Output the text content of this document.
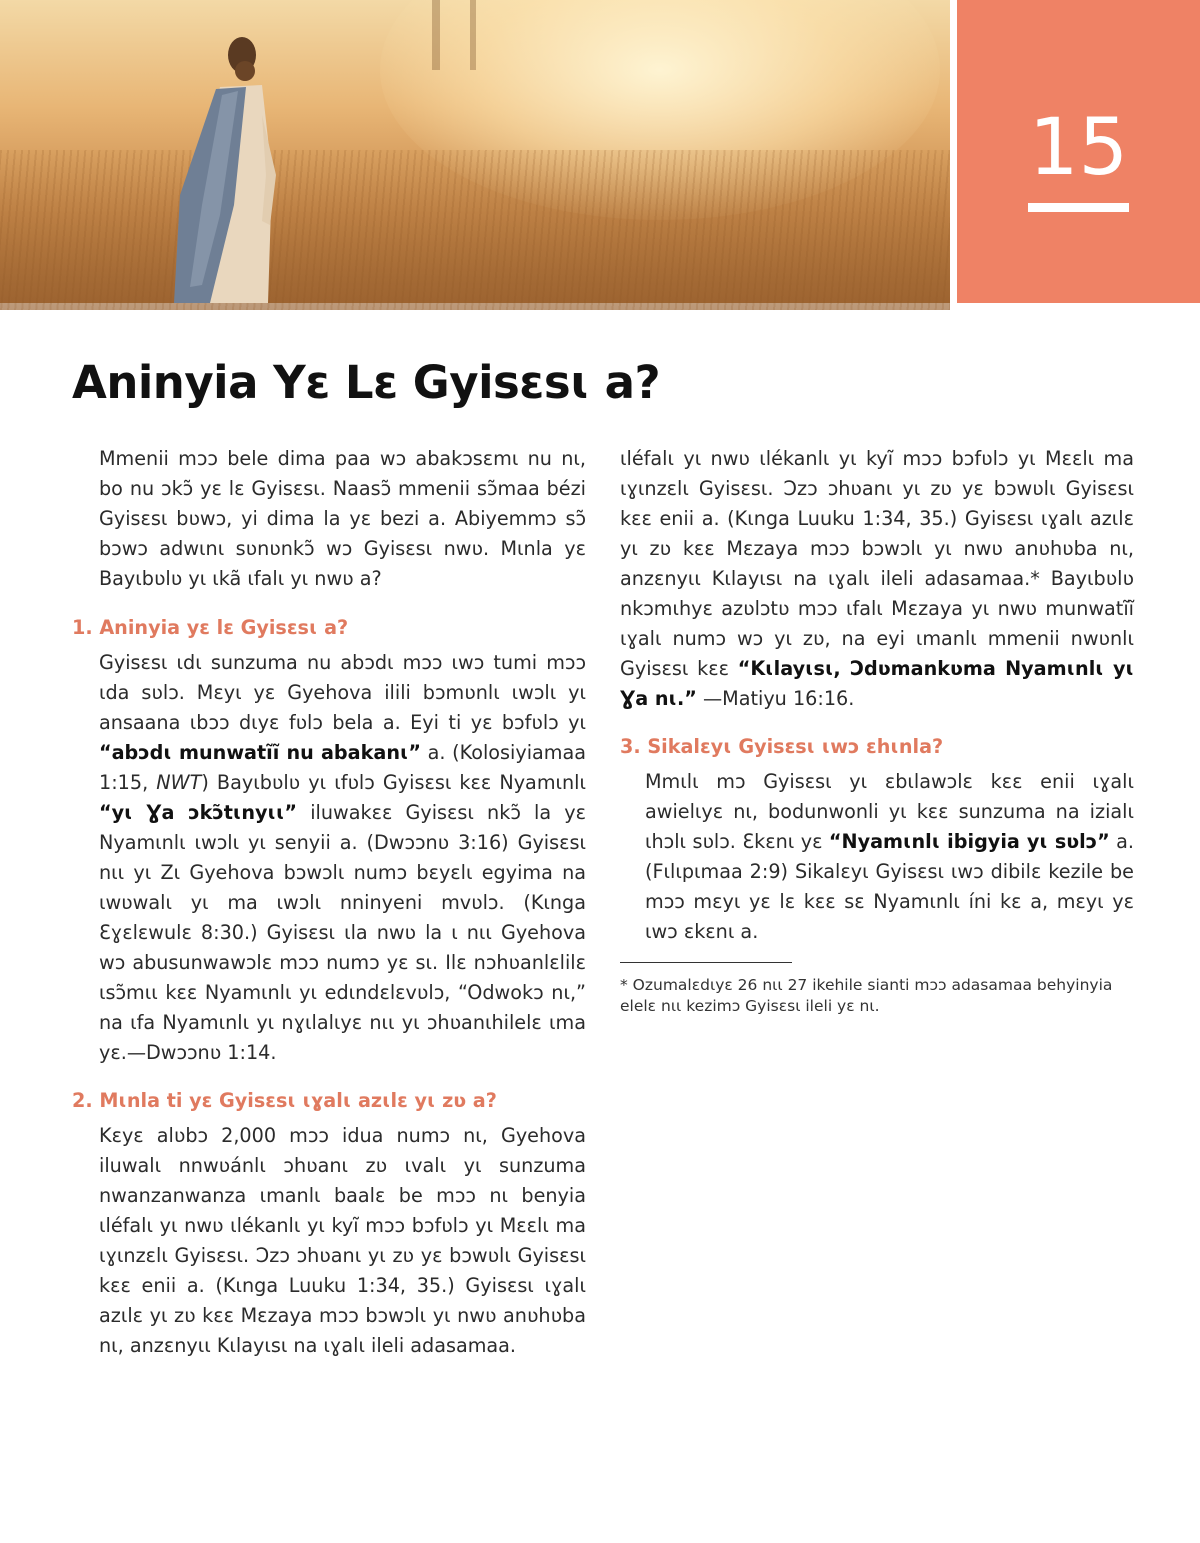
15
Aninyia Yɛ Lɛ Gyisɛsɩ a?

Mmenii mɔɔ bele dima paa wɔ abakɔsɛmɩ nu nɩ, bo nu ɔkɔ̃ yɛ lɛ Gyisɛsɩ. Naasɔ̃ mmenii sɔ̃maa bézi Gyisɛsɩ bʋwɔ, yi dima la yɛ bezi a. Abiyemmɔ sɔ̃ bɔwɔ adwɩnɩ sʋnʋnkɔ̃ wɔ Gyisɛsɩ nwʋ. Mɩnla yɛ Bayɩbʋlʋ yɩ ɩkã ɩfalɩ yɩ nwʋ a?

1. Aninyia yɛ lɛ Gyisɛsɩ a?

Gyisɛsɩ ɩdɩ sunzuma nu abɔdɩ mɔɔ ɩwɔ tumi mɔɔ ɩda sʋlɔ. Mɛyɩ yɛ Gyehova ilili bɔmʋnlɩ ɩwɔlɩ yɩ ansaana ɩbɔɔ dɩyɛ fʋlɔ bela a. Eyi ti yɛ bɔfʋlɔ yɩ “abɔdɩ munwatĩĩ nu abakanɩ” a. (Kolosiyiamaa 1:15, NWT) Bayɩbʋlʋ yɩ ɩfʋlɔ Gyisɛsɩ kɛɛ Nyamɩnlɩ “yɩ Ɣa ɔkɔ̃tɩnyɩɩ” iluwakɛɛ Gyisɛsɩ nkɔ̃ la yɛ Nyamɩnlɩ ɩwɔlɩ yɩ senyii a. (Dwɔɔnʋ 3:16) Gyisɛsɩ nɩɩ yɩ Zɩ Gyehova bɔwɔlɩ numɔ bɛyɛlɩ egyima na ɩwʋwalɩ yɩ ma ɩwɔlɩ nninyeni mvʋlɔ. (Kɩnga Ɛɣɛlɛwulɛ 8:30.) Gyisɛsɩ ɩla nwʋ la ɩ nɩɩ Gyehova wɔ abusunwawɔlɛ mɔɔ numɔ yɛ sɩ. Ilɛ nɔhʋanlɛlilɛ ɩsɔ̃mɩɩ kɛɛ Nyamɩnlɩ yɩ edɩndɛlɛvʋlɔ, “Odwokɔ nɩ,” na ɩfa Nyamɩnlɩ yɩ nɣɩlalɩyɛ nɩɩ yɩ ɔhʋanɩhilelɛ ɩma yɛ.—Dwɔɔnʋ 1:14.

2. Mɩnla ti yɛ Gyisɛsɩ ɩɣalɩ azɩlɛ yɩ zʋ a?

Kɛyɛ alʋbɔ 2,000 mɔɔ idua numɔ nɩ, Gyehova iluwalɩ nnwʋánlɩ ɔhʋanɩ zʋ ɩvalɩ yɩ sunzuma nwanzanwanza ɩmanlɩ baalɛ be mɔɔ nɩ benyia ɩléfalɩ yɩ nwʋ ɩlékanlɩ yɩ kyĩ mɔɔ bɔfʋlɔ yɩ Mɛɛlɩ ma ɩɣɩnzɛlɩ Gyisɛsɩ. Ɔzɔ ɔhʋanɩ yɩ zʋ yɛ bɔwʋlɩ Gyisɛsɩ kɛɛ enii a. (Kɩnga Luuku 1:34, 35.) Gyisɛsɩ ɩɣalɩ azɩlɛ yɩ zʋ kɛɛ Mɛzaya mɔɔ bɔwɔlɩ yɩ nwʋ anʋhʋba nɩ, anzɛnyɩɩ Kɩlayɩsɩ na ɩɣalɩ ileli adasamaa.

ɩléfalɩ yɩ nwʋ ɩlékanlɩ yɩ kyĩ mɔɔ bɔfʋlɔ yɩ Mɛɛlɩ ma ɩɣɩnzɛlɩ Gyisɛsɩ. Ɔzɔ ɔhʋanɩ yɩ zʋ yɛ bɔwʋlɩ Gyisɛsɩ kɛɛ enii a. (Kɩnga Luuku 1:34, 35.) Gyisɛsɩ ɩɣalɩ azɩlɛ yɩ zʋ kɛɛ Mɛzaya mɔɔ bɔwɔlɩ yɩ nwʋ anʋhʋba nɩ, anzɛnyɩɩ Kɩlayɩsɩ na ɩɣalɩ ileli adasamaa.* Bayɩbʋlʋ nkɔmɩhyɛ azʋlɔtʋ mɔɔ ɩfalɩ Mɛzaya yɩ nwʋ munwatĩĩ ɩɣalɩ numɔ wɔ yɩ zʋ, na eyi ɩmanlɩ mmenii nwʋnlɩ Gyisɛsɩ kɛɛ “Kɩlayɩsɩ, Ɔdʋmankʋma Nyamɩnlɩ yɩ Ɣa nɩ.” —Matiyu 16:16.

3. Sikalɛyɩ Gyisɛsɩ ɩwɔ ɛhɩnla?

Mmɩlɩ mɔ Gyisɛsɩ yɩ ɛbɩlawɔlɛ kɛɛ enii ɩɣalɩ awielɩyɛ nɩ, bodunwonli yɩ kɛɛ sunzuma na izialɩ ɩhɔlɩ sʋlɔ. Ɛkɛnɩ yɛ “Nyamɩnlɩ ibigyia yɩ sʋlɔ” a. (Fɩlɩpɩmaa 2:9) Sikalɛyɩ Gyisɛsɩ ɩwɔ dibilɛ kezile be mɔɔ mɛyɩ yɛ lɛ kɛɛ sɛ Nyamɩnlɩ íni kɛ a, mɛyɩ yɛ ɩwɔ ɛkɛnɩ a.

* Ozumalɛdɩyɛ 26 nɩɩ 27 ikehile sianti mɔɔ adasamaa behyinyia elelɛ nɩɩ kezimɔ Gyisɛsɩ ileli yɛ nɩ.
